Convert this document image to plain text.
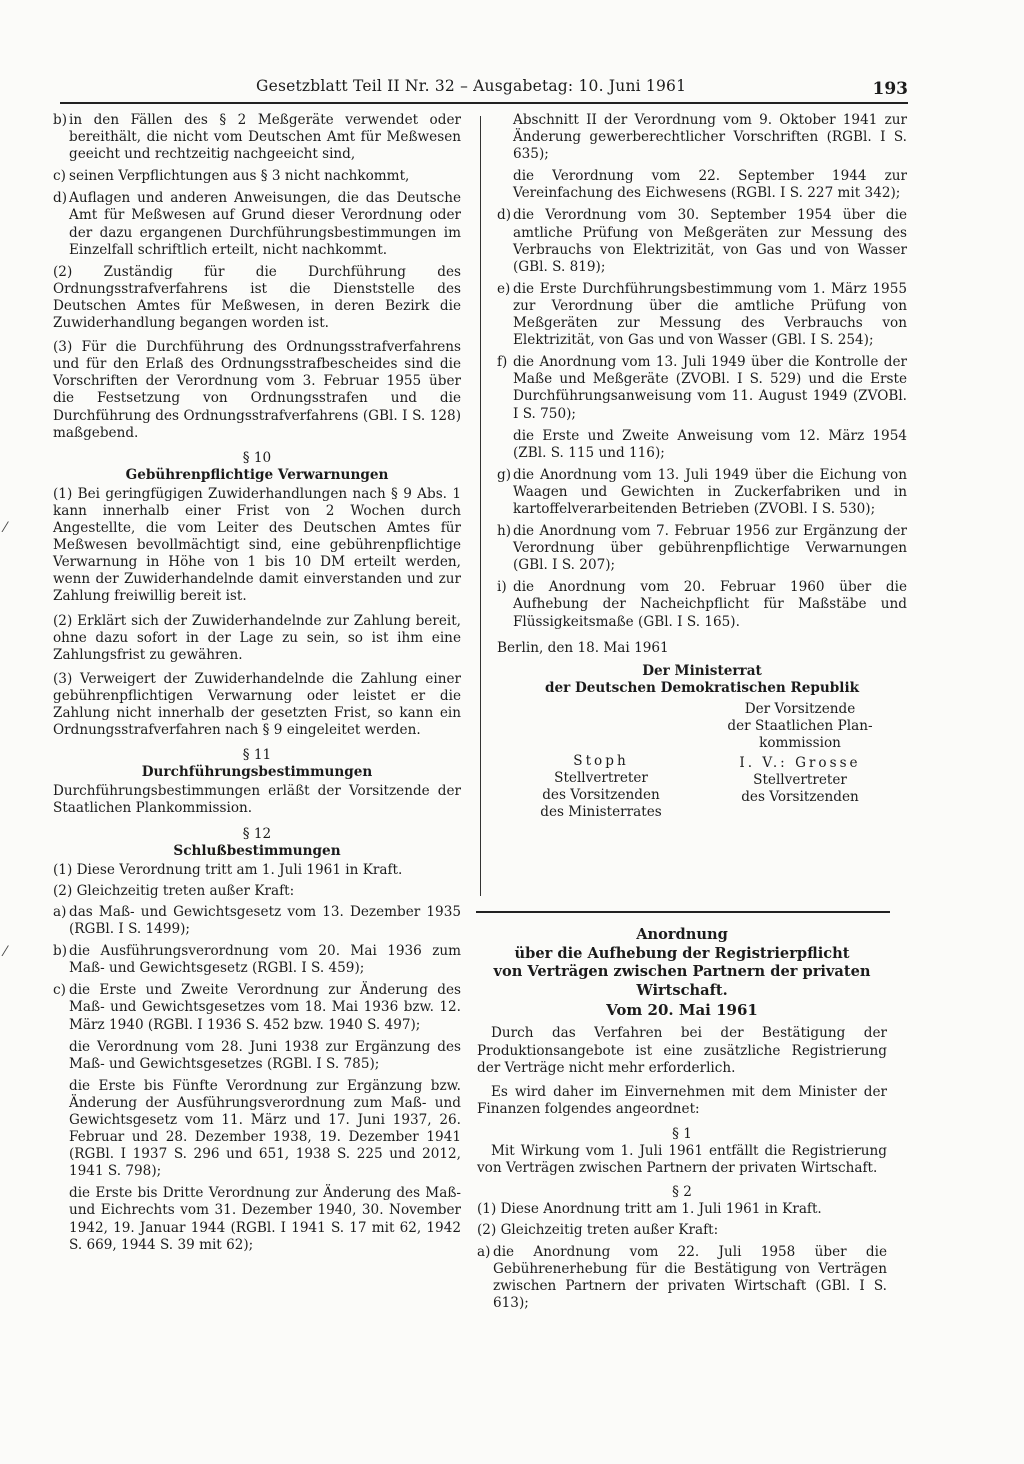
Gesetzblatt Teil II Nr. 32 – Ausgabetag: 10. Juni 1961	193
b) in den Fällen des § 2 Meßgeräte verwendet oder bereithält, die nicht vom Deutschen Amt für Meßwesen geeicht und rechtzeitig nachgeeicht sind,
c) seinen Verpflichtungen aus § 3 nicht nachkommt,
d) Auflagen und anderen Anweisungen, die das Deutsche Amt für Meßwesen auf Grund dieser Verordnung oder der dazu ergangenen Durchführungsbestimmungen im Einzelfall schriftlich erteilt, nicht nachkommt.

(2) Zuständig für die Durchführung des Ordnungsstrafverfahrens ist die Dienststelle des Deutschen Amtes für Meßwesen, in deren Bezirk die Zuwiderhandlung begangen worden ist.

(3) Für die Durchführung des Ordnungsstrafverfahrens und für den Erlaß des Ordnungsstrafbescheides sind die Vorschriften der Verordnung vom 3. Februar 1955 über die Festsetzung von Ordnungsstrafen und die Durchführung des Ordnungsstrafverfahrens (GBl. I S. 128) maßgebend.

§ 10
Gebührenpflichtige Verwarnungen

(1) Bei geringfügigen Zuwiderhandlungen nach § 9 Abs. 1 kann innerhalb einer Frist von 2 Wochen durch Angestellte, die vom Leiter des Deutschen Amtes für Meßwesen bevollmächtigt sind, eine gebührenpflichtige Verwarnung in Höhe von 1 bis 10 DM erteilt werden, wenn der Zuwiderhandelnde damit einverstanden und zur Zahlung freiwillig bereit ist.

(2) Erklärt sich der Zuwiderhandelnde zur Zahlung bereit, ohne dazu sofort in der Lage zu sein, so ist ihm eine Zahlungsfrist zu gewähren.

(3) Verweigert der Zuwiderhandelnde die Zahlung einer gebührenpflichtigen Verwarnung oder leistet er die Zahlung nicht innerhalb der gesetzten Frist, so kann ein Ordnungsstrafverfahren nach § 9 eingeleitet werden.

§ 11
Durchführungsbestimmungen

Durchführungsbestimmungen erläßt der Vorsitzende der Staatlichen Plankommission.

§ 12
Schlußbestimmungen

(1) Diese Verordnung tritt am 1. Juli 1961 in Kraft.

(2) Gleichzeitig treten außer Kraft:

a) das Maß- und Gewichtsgesetz vom 13. Dezember 1935 (RGBl. I S. 1499);
b) die Ausführungsverordnung vom 20. Mai 1936 zum Maß- und Gewichtsgesetz (RGBl. I S. 459);
c) die Erste und Zweite Verordnung zur Änderung des Maß- und Gewichtsgesetzes vom 18. Mai 1936 bzw. 12. März 1940 (RGBl. I 1936 S. 452 bzw. 1940 S. 497);
die Verordnung vom 28. Juni 1938 zur Ergänzung des Maß- und Gewichtsgesetzes (RGBl. I S. 785);
die Erste bis Fünfte Verordnung zur Ergänzung bzw. Änderung der Ausführungsverordnung zum Maß- und Gewichtsgesetz vom 11. März und 17. Juni 1937, 26. Februar und 28. Dezember 1938, 19. Dezember 1941 (RGBl. I 1937 S. 296 und 651, 1938 S. 225 und 2012, 1941 S. 798);
die Erste bis Dritte Verordnung zur Änderung des Maß- und Eichrechts vom 31. Dezember 1940, 30. November 1942, 19. Januar 1944 (RGBl. I 1941 S. 17 mit 62, 1942 S. 669, 1944 S. 39 mit 62);
Abschnitt II der Verordnung vom 9. Oktober 1941 zur Änderung gewerberechtlicher Vorschriften (RGBl. I S. 635);
die Verordnung vom 22. September 1944 zur Vereinfachung des Eichwesens (RGBl. I S. 227 mit 342);
d) die Verordnung vom 30. September 1954 über die amtliche Prüfung von Meßgeräten zur Messung des Verbrauchs von Elektrizität, von Gas und von Wasser (GBl. S. 819);
e) die Erste Durchführungsbestimmung vom 1. März 1955 zur Verordnung über die amtliche Prüfung von Meßgeräten zur Messung des Verbrauchs von Elektrizität, von Gas und von Wasser (GBl. I S. 254);
f) die Anordnung vom 13. Juli 1949 über die Kontrolle der Maße und Meßgeräte (ZVOBl. I S. 529) und die Erste Durchführungsanweisung vom 11. August 1949 (ZVOBl. I S. 750);
die Erste und Zweite Anweisung vom 12. März 1954 (ZBl. S. 115 und 116);
g) die Anordnung vom 13. Juli 1949 über die Eichung von Waagen und Gewichten in Zuckerfabriken und in kartoffelverarbeitenden Betrieben (ZVOBl. I S. 530);
h) die Anordnung vom 7. Februar 1956 zur Ergänzung der Verordnung über gebührenpflichtige Verwarnungen (GBl. I S. 207);
i) die Anordnung vom 20. Februar 1960 über die Aufhebung der Nacheichpflicht für Maßstäbe und Flüssigkeitsmaße (GBl. I S. 165).
Berlin, den 18. Mai 1961
Der Ministerrat
der Deutschen Demokratischen Republik
Der Vorsitzende
der Staatlichen Plan-
kommission
Stoph
Stellvertreter
des Vorsitzenden
des Ministerrates
I. V.: Grosse
Stellvertreter
des Vorsitzenden
Anordnung
über die Aufhebung der Registrierpflicht
von Verträgen zwischen Partnern der privaten
Wirtschaft.
Vom 20. Mai 1961

Durch das Verfahren bei der Bestätigung der Produktionsangebote ist eine zusätzliche Registrierung der Verträge nicht mehr erforderlich.

Es wird daher im Einvernehmen mit dem Minister der Finanzen folgendes angeordnet:

§ 1

Mit Wirkung vom 1. Juli 1961 entfällt die Registrierung von Verträgen zwischen Partnern der privaten Wirtschaft.

§ 2

(1) Diese Anordnung tritt am 1. Juli 1961 in Kraft.

(2) Gleichzeitig treten außer Kraft:

a) die Anordnung vom 22. Juli 1958 über die Gebührenerhebung für die Bestätigung von Verträgen zwischen Partnern der privaten Wirtschaft (GBl. I S. 613);
⁄
⁄
